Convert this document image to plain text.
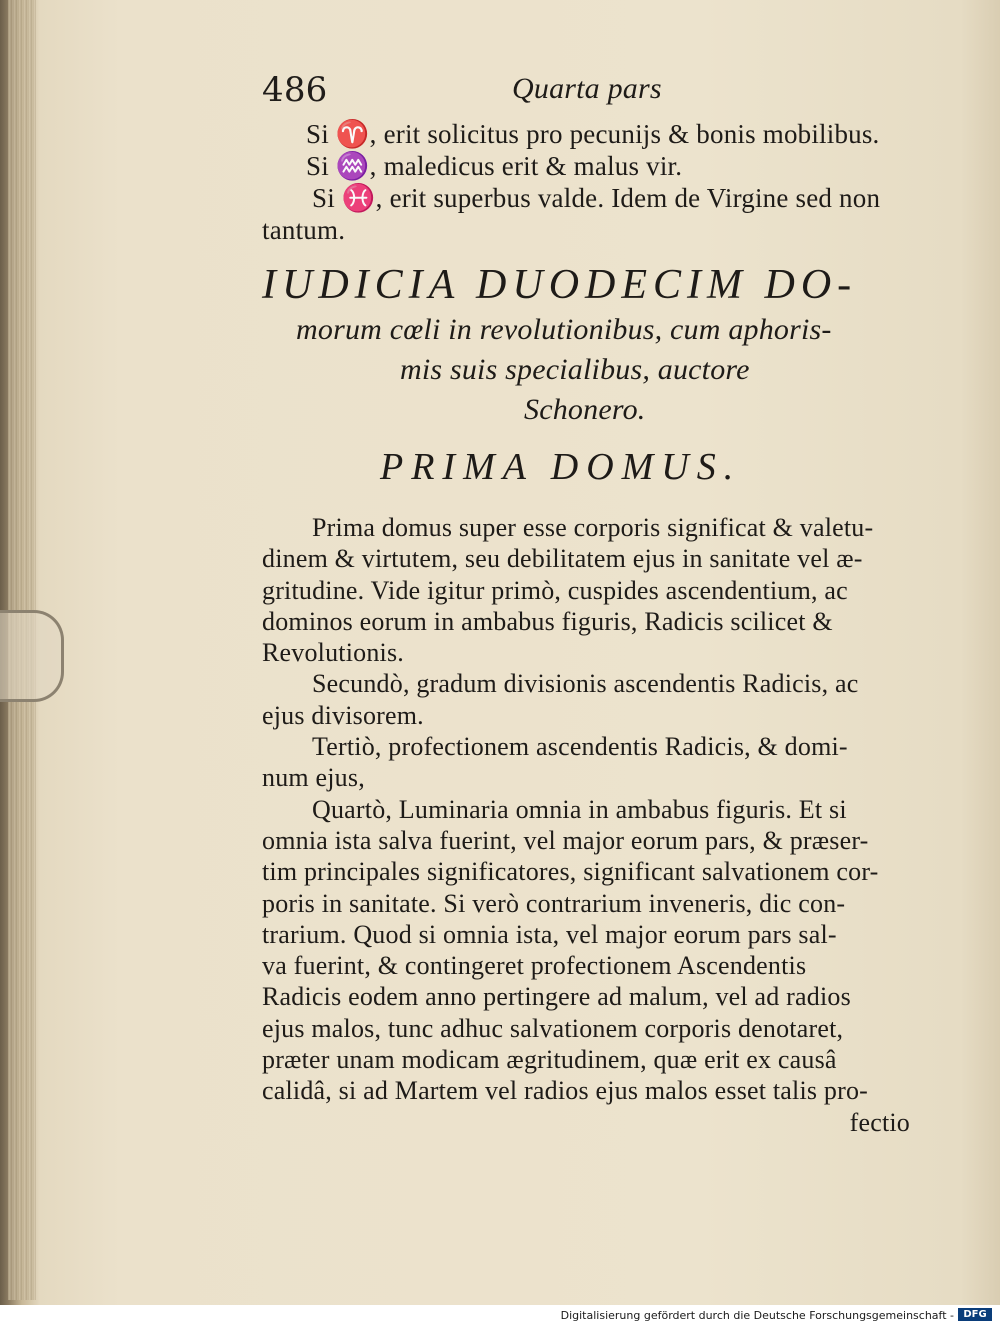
486	Quarta pars
Si ♈, erit solicitus pro pecunijs & bonis mobilibus.
Si ♒, maledicus erit & malus vir.
Si ♓, erit superbus valde. Idem de Virgine sed non
tantum.
IUDICIA DUODECIM DO-
morum cœli in revolutionibus, cum aphoris-
mis suis specialibus, auctore
Schonero.
PRIMA DOMUS.
Prima domus super esse corporis significat & valetu-
dinem & virtutem, seu debilitatem ejus in sanitate vel æ-
gritudine. Vide igitur primò, cuspides ascendentium, ac
dominos eorum in ambabus figuris, Radicis scilicet &
Revolutionis.
Secundò, gradum divisionis ascendentis Radicis, ac
ejus divisorem.
Tertiò, profectionem ascendentis Radicis, & domi-
num ejus,
Quartò, Luminaria omnia in ambabus figuris. Et si
omnia ista salva fuerint, vel major eorum pars, & præser-
tim principales significatores, significant salvationem cor-
poris in sanitate. Si verò contrarium inveneris, dic con-
trarium. Quod si omnia ista, vel major eorum pars sal-
va fuerint, & contingeret profectionem Ascendentis
Radicis eodem anno pertingere ad malum, vel ad radios
ejus malos, tunc adhuc salvationem corporis denotaret,
præter unam modicam ægritudinem, quæ erit ex causâ
calidâ, si ad Martem vel radios ejus malos esset talis pro-
fectio
Digitalisierung gefördert durch die Deutsche Forschungsgemeinschaft - DFG
